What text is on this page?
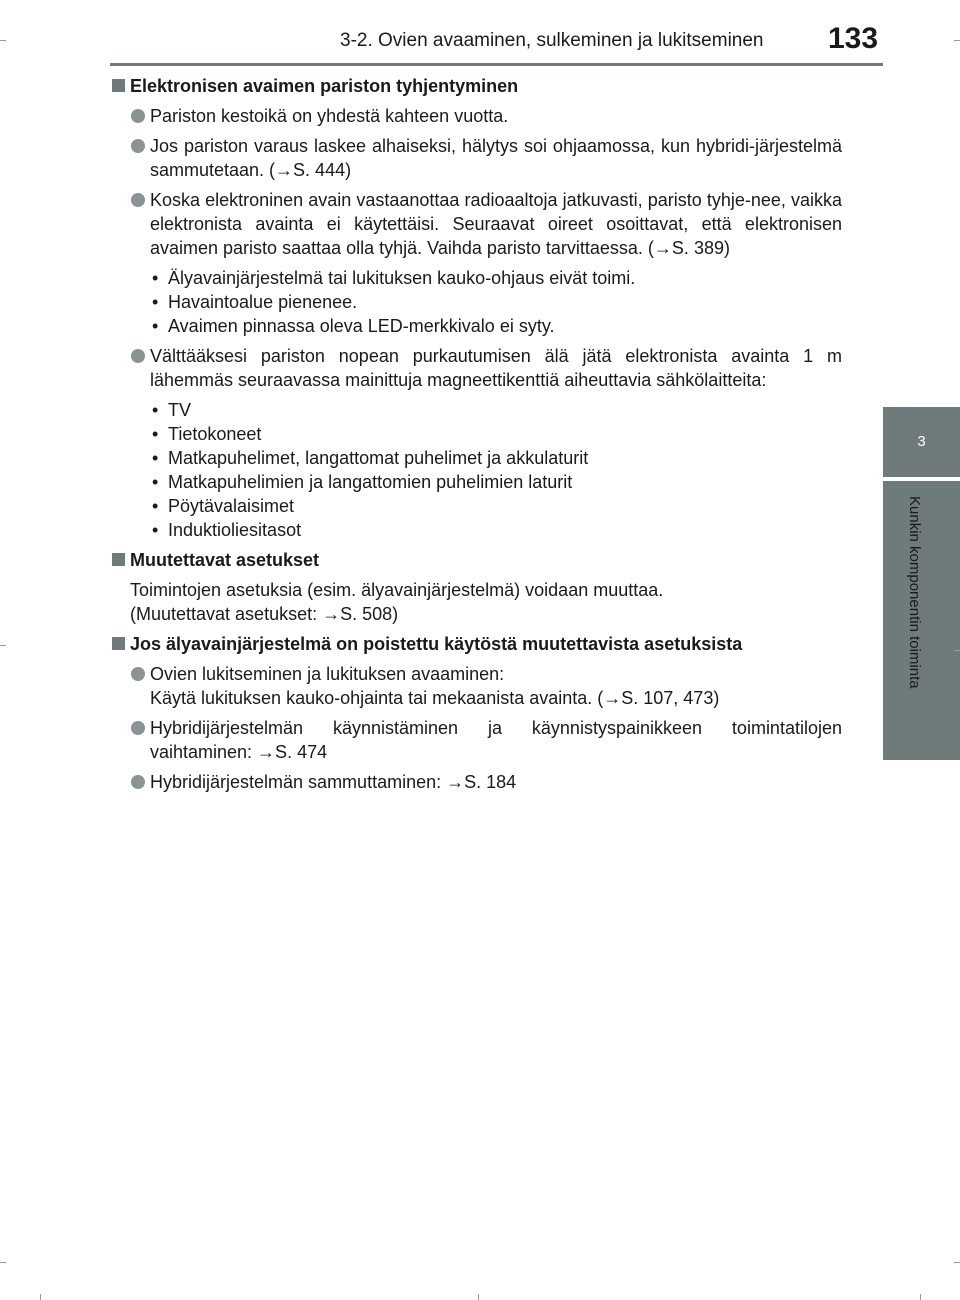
3-2. Ovien avaaminen, sulkeminen ja lukitseminen	133
3
Kunkin komponentin toiminta
Elektronisen avaimen pariston tyhjentyminen
Pariston kestoikä on yhdestä kahteen vuotta.
Jos pariston varaus laskee alhaiseksi, hälytys soi ohjaamossa, kun hybridi-järjestelmä sammutetaan. (→S. 444)
Koska elektroninen avain vastaanottaa radioaaltoja jatkuvasti, paristo tyhje-nee, vaikka elektronista avainta ei käytettäisi. Seuraavat oireet osoittavat, että elektronisen avaimen paristo saattaa olla tyhjä. Vaihda paristo tarvittaessa. (→S. 389)
• Älyavainjärjestelmä tai lukituksen kauko-ohjaus eivät toimi.
• Havaintoalue pienenee.
• Avaimen pinnassa oleva LED-merkkivalo ei syty.
Välttääksesi pariston nopean purkautumisen älä jätä elektronista avainta 1 m lähemmäs seuraavassa mainittuja magneettikenttiä aiheuttavia sähkölaitteita:
• TV
• Tietokoneet
• Matkapuhelimet, langattomat puhelimet ja akkulaturit
• Matkapuhelimien ja langattomien puhelimien laturit
• Pöytävalaisimet
• Induktioliesitasot
Muutettavat asetukset
Toimintojen asetuksia (esim. älyavainjärjestelmä) voidaan muuttaa.
(Muutettavat asetukset: →S. 508)
Jos älyavainjärjestelmä on poistettu käytöstä muutettavista asetuksista
Ovien lukitseminen ja lukituksen avaaminen:
Käytä lukituksen kauko-ohjainta tai mekaanista avainta. (→S. 107, 473)
Hybridijärjestelmän käynnistäminen ja käynnistyspainikkeen toimintatilojen vaihtaminen: →S. 474
Hybridijärjestelmän sammuttaminen: →S. 184
